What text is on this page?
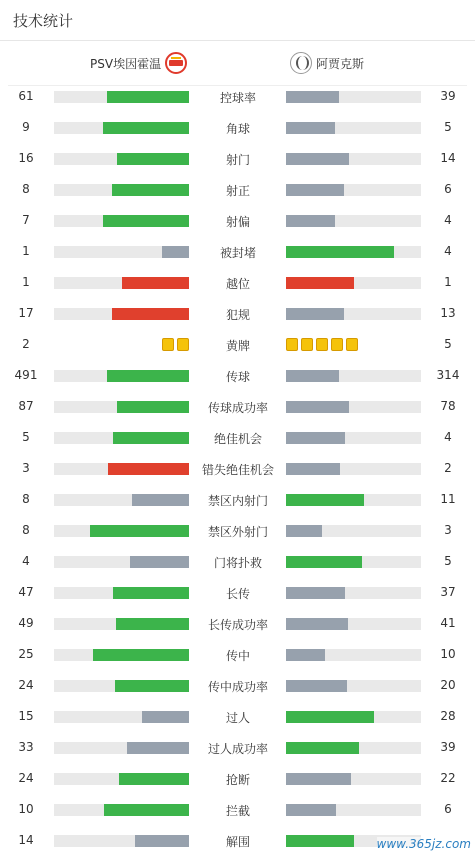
技术统计
PSV埃因霍温	阿贾克斯
61	控球率	39
9	角球	5
16	射门	14
8	射正	6
7	射偏	4
1	被封堵	4
1	越位	1
17	犯规	13
2	黄牌	5
491	传球	314
87	传球成功率	78
5	绝佳机会	4
3	错失绝佳机会	2
8	禁区内射门	11
8	禁区外射门	3
4	门将扑救	5
47	长传	37
49	长传成功率	41
25	传中	10
24	传中成功率	20
15	过人	28
33	过人成功率	39
24	抢断	22
10	拦截	6
14	解围	www.365jz.com
